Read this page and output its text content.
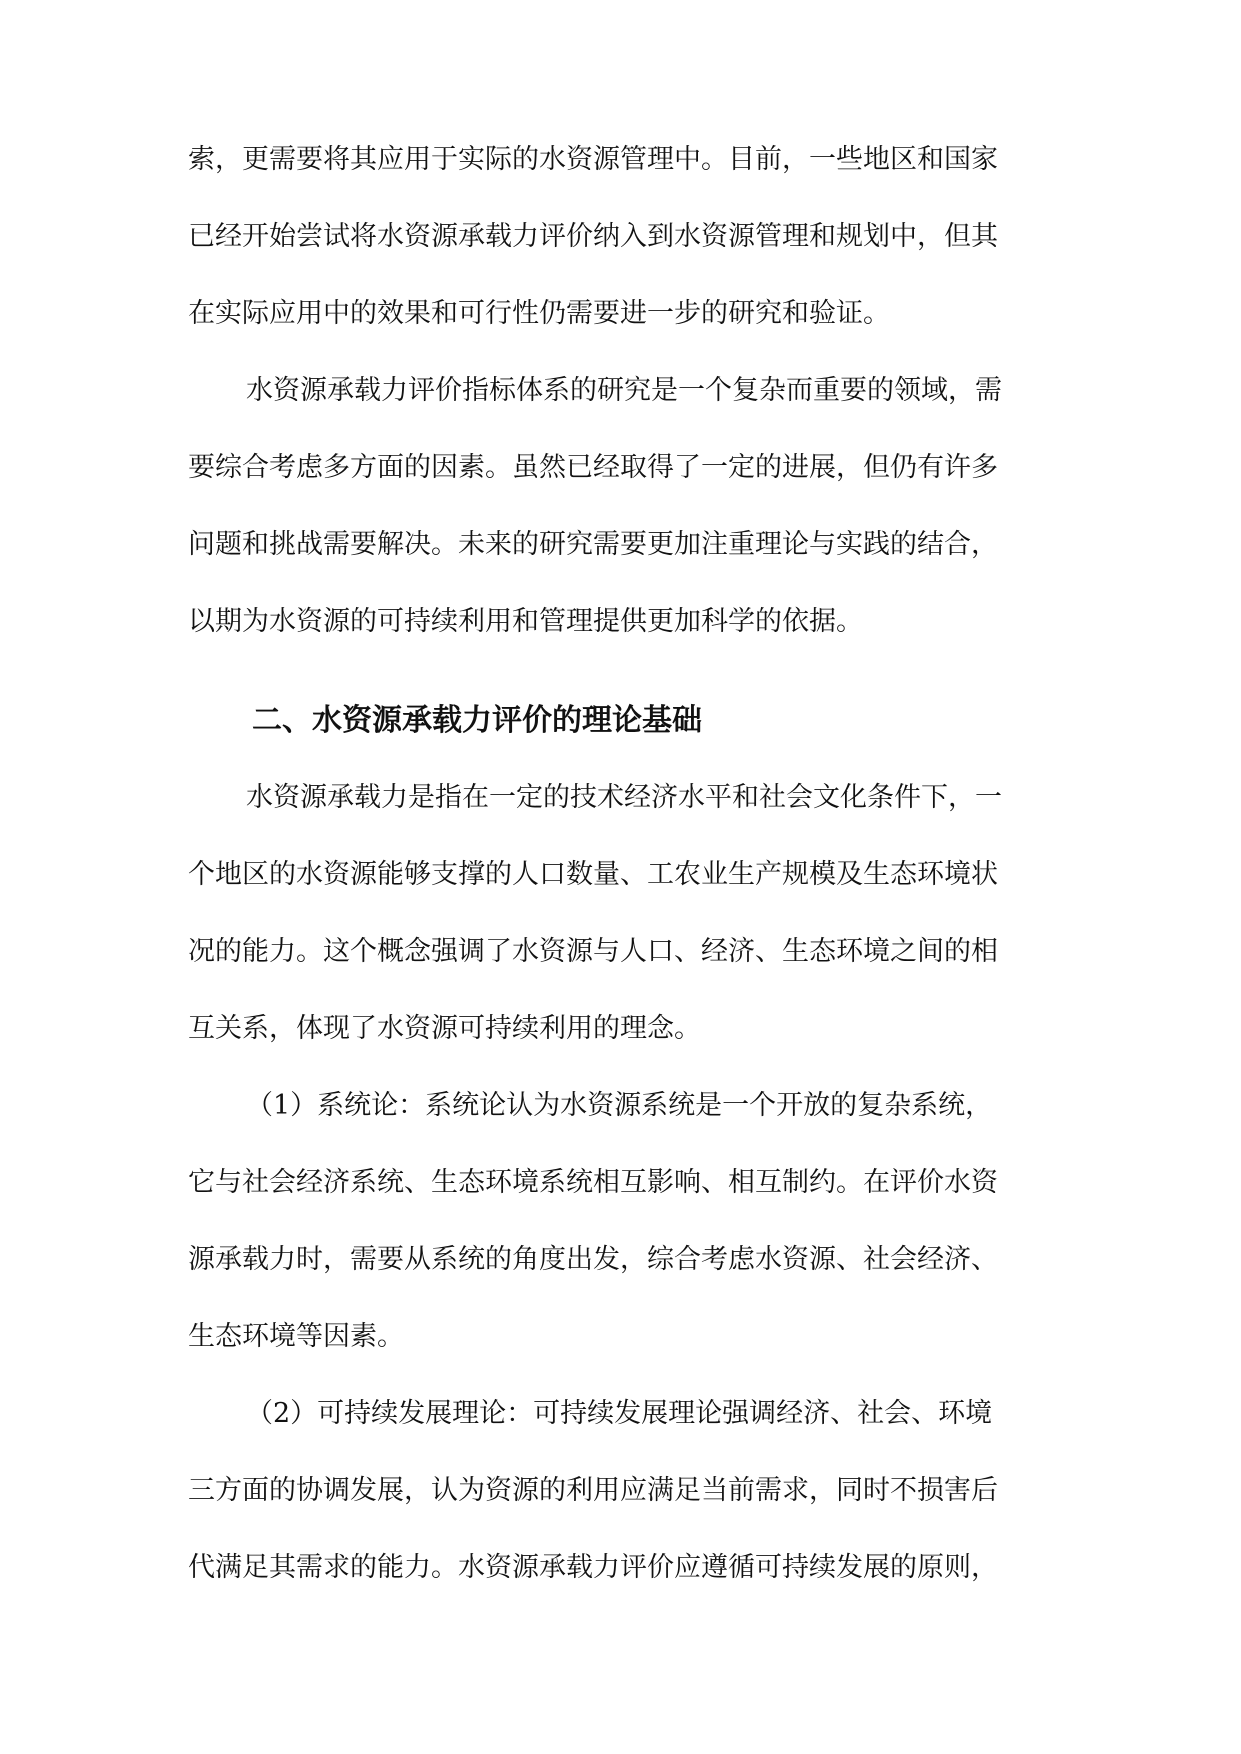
索，更需要将其应用于实际的水资源管理中。目前，一些地区和国家
已经开始尝试将水资源承载力评价纳入到水资源管理和规划中，但其
在实际应用中的效果和可行性仍需要进一步的研究和验证。
水资源承载力评价指标体系的研究是一个复杂而重要的领域，需
要综合考虑多方面的因素。虽然已经取得了一定的进展，但仍有许多
问题和挑战需要解决。未来的研究需要更加注重理论与实践的结合，
以期为水资源的可持续利用和管理提供更加科学的依据。
二、水资源承载力评价的理论基础
水资源承载力是指在一定的技术经济水平和社会文化条件下，一
个地区的水资源能够支撑的人口数量、工农业生产规模及生态环境状
况的能力。这个概念强调了水资源与人口、经济、生态环境之间的相
互关系，体现了水资源可持续利用的理念。
（1）系统论：系统论认为水资源系统是一个开放的复杂系统，
它与社会经济系统、生态环境系统相互影响、相互制约。在评价水资
源承载力时，需要从系统的角度出发，综合考虑水资源、社会经济、
生态环境等因素。
（2）可持续发展理论：可持续发展理论强调经济、社会、环境
三方面的协调发展，认为资源的利用应满足当前需求，同时不损害后
代满足其需求的能力。水资源承载力评价应遵循可持续发展的原则，
